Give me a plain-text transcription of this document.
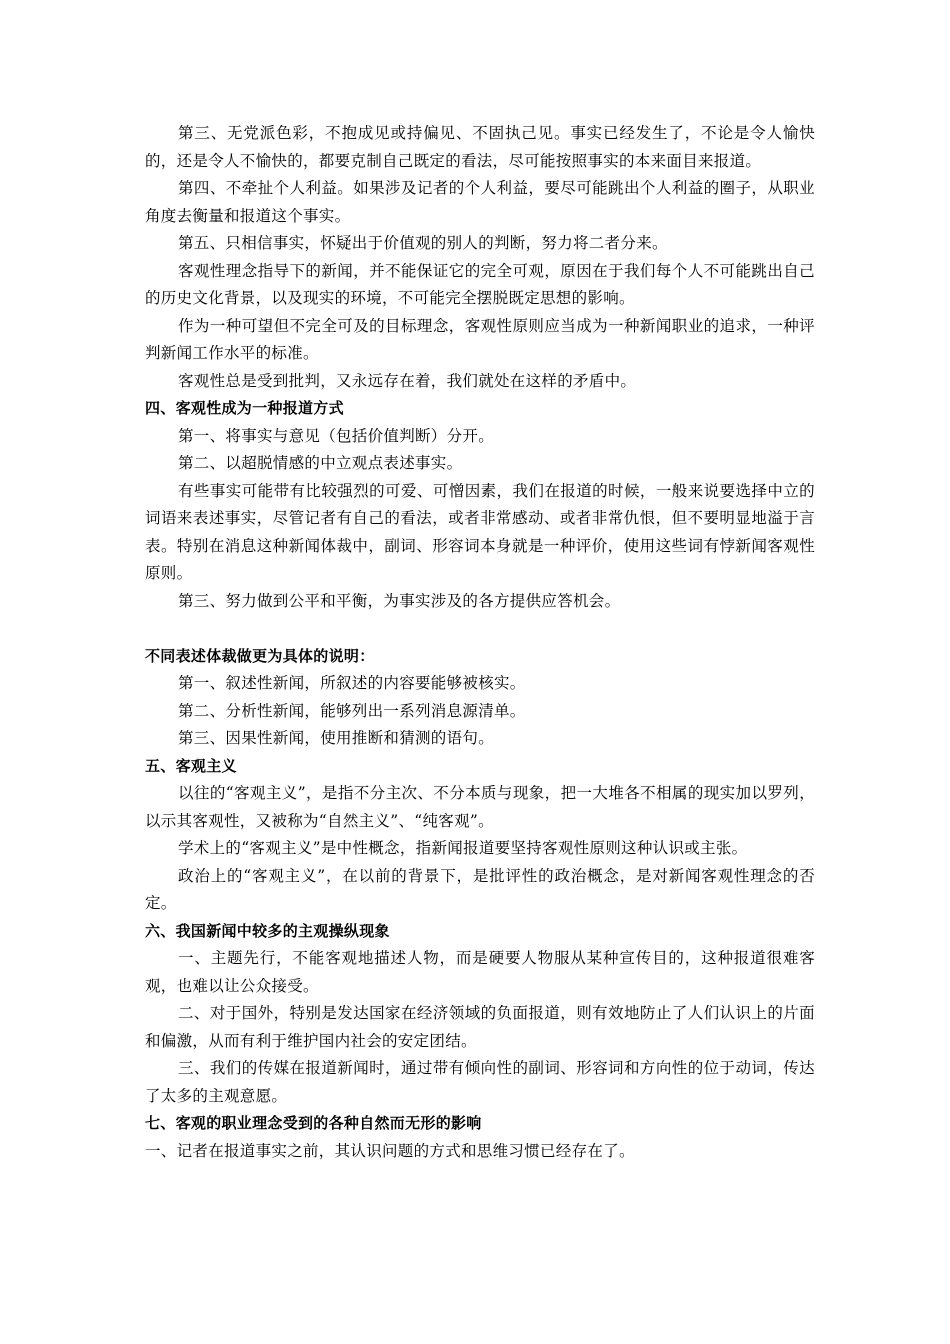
第三、无党派色彩，不抱成见或持偏见、不固执己见。事实已经发生了，不论是令人愉快的，还是令人不愉快的，都要克制自己既定的看法，尽可能按照事实的本来面目来报道。

第四、不牵扯个人利益。如果涉及记者的个人利益，要尽可能跳出个人利益的圈子，从职业角度去衡量和报道这个事实。

第五、只相信事实，怀疑出于价值观的别人的判断，努力将二者分来。

客观性理念指导下的新闻，并不能保证它的完全可观，原因在于我们每个人不可能跳出自己的历史文化背景，以及现实的环境，不可能完全摆脱既定思想的影响。

作为一种可望但不完全可及的目标理念，客观性原则应当成为一种新闻职业的追求，一种评判新闻工作水平的标准。

客观性总是受到批判，又永远存在着，我们就处在这样的矛盾中。

四、客观性成为一种报道方式

第一、将事实与意见（包括价值判断）分开。

第二、以超脱情感的中立观点表述事实。

有些事实可能带有比较强烈的可爱、可憎因素，我们在报道的时候，一般来说要选择中立的词语来表述事实，尽管记者有自己的看法，或者非常感动、或者非常仇恨，但不要明显地溢于言表。特别在消息这种新闻体裁中，副词、形容词本身就是一种评价，使用这些词有悖新闻客观性原则。

第三、努力做到公平和平衡，为事实涉及的各方提供应答机会。

不同表述体裁做更为具体的说明：

第一、叙述性新闻，所叙述的内容要能够被核实。

第二、分析性新闻，能够列出一系列消息源清单。

第三、因果性新闻，使用推断和猜测的语句。

五、客观主义

以往的“客观主义”，是指不分主次、不分本质与现象，把一大堆各不相属的现实加以罗列，以示其客观性，又被称为“自然主义”、“纯客观”。

学术上的“客观主义”是中性概念，指新闻报道要坚持客观性原则这种认识或主张。

政治上的“客观主义”，在以前的背景下，是批评性的政治概念，是对新闻客观性理念的否定。

六、我国新闻中较多的主观操纵现象

一、主题先行，不能客观地描述人物，而是硬要人物服从某种宣传目的，这种报道很难客观，也难以让公众接受。

二、对于国外，特别是发达国家在经济领域的负面报道，则有效地防止了人们认识上的片面和偏激，从而有利于维护国内社会的安定团结。

三、我们的传媒在报道新闻时，通过带有倾向性的副词、形容词和方向性的位于动词，传达了太多的主观意愿。

七、客观的职业理念受到的各种自然而无形的影响

一、记者在报道事实之前，其认识问题的方式和思维习惯已经存在了。
